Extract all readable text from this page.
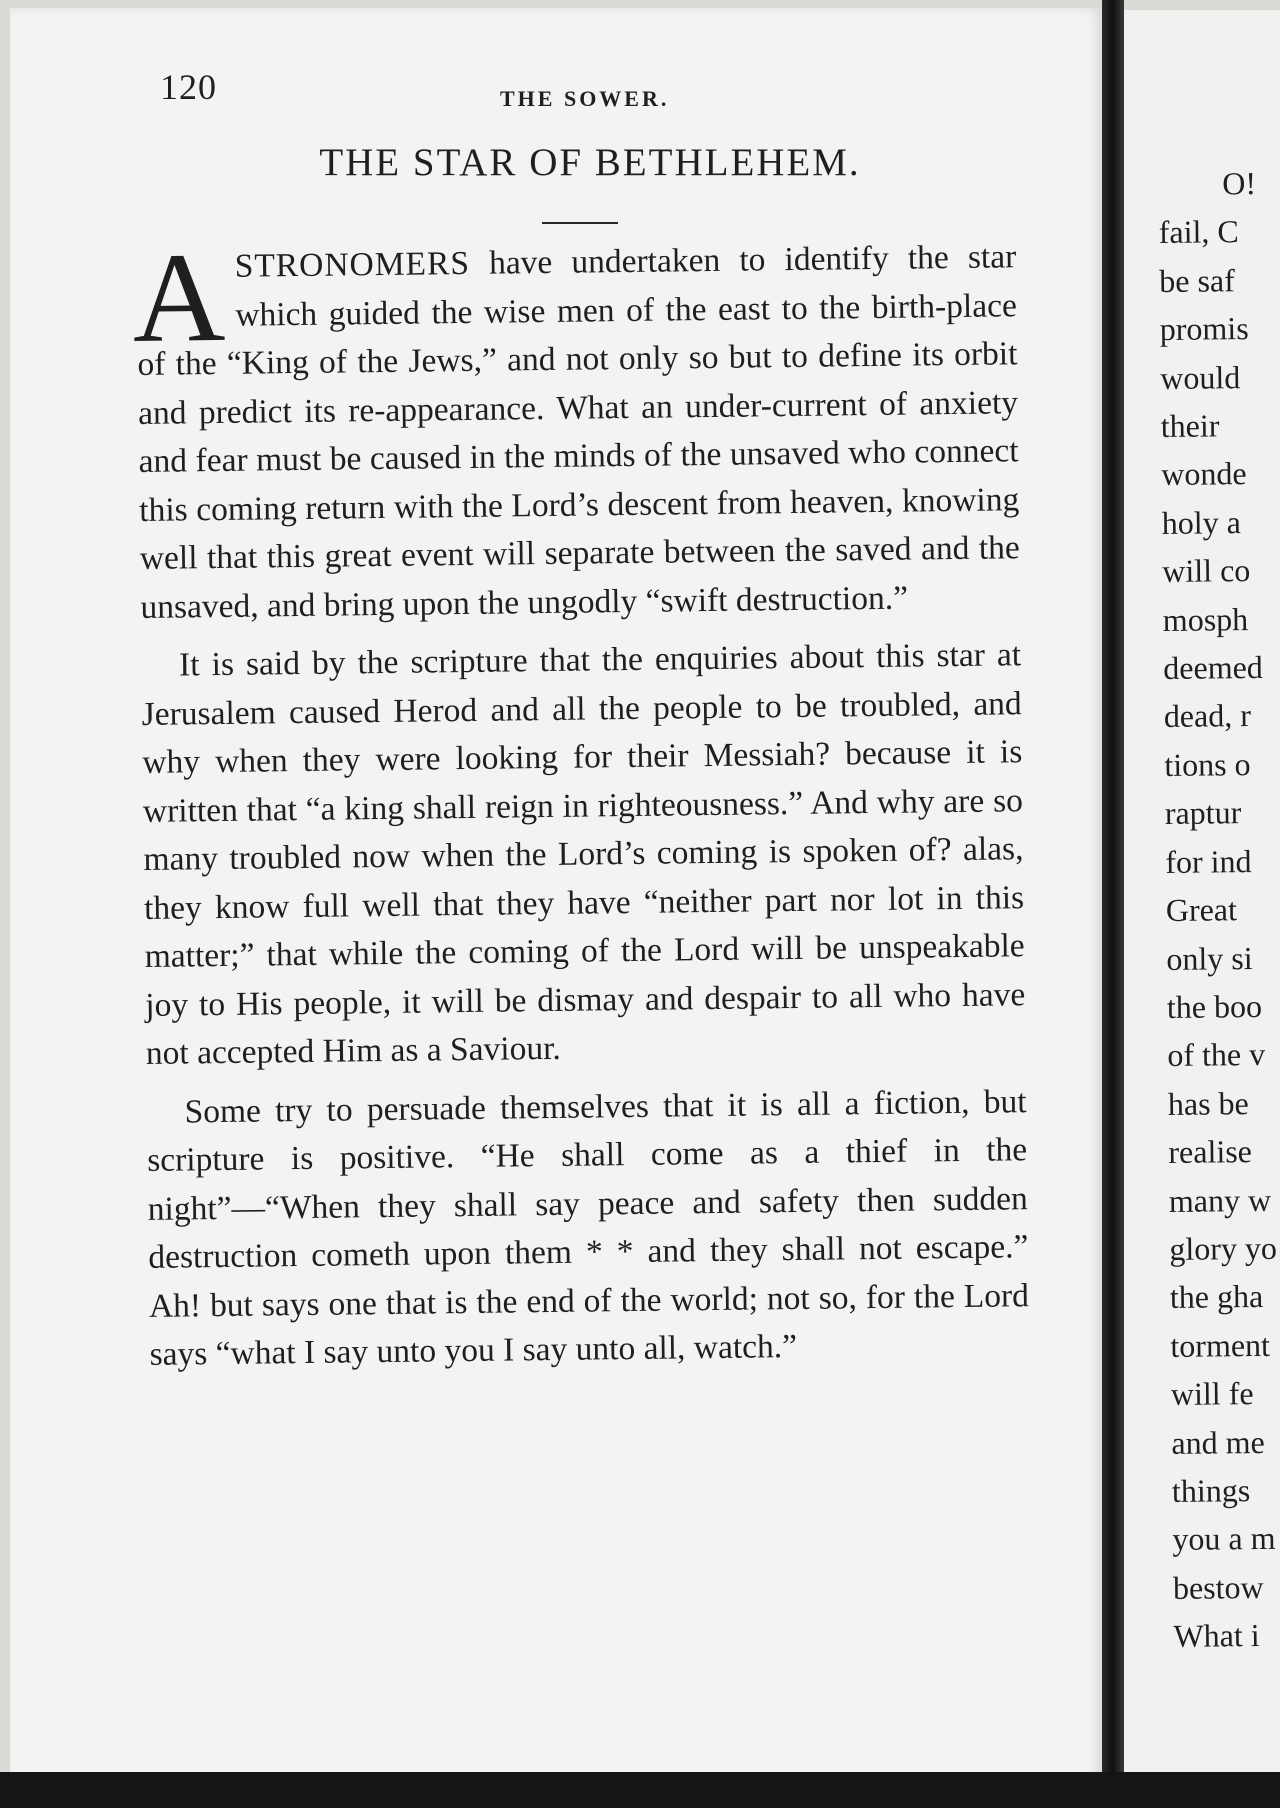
120	THE SOWER.
THE STAR OF BETHLEHEM.

ASTRONOMERS have undertaken to identify the star which guided the wise men of the east to the birth-place of the “King of the Jews,” and not only so but to define its orbit and predict its re-appearance. What an under-current of anxiety and fear must be caused in the minds of the unsaved who connect this coming return with the Lord’s descent from heaven, knowing well that this great event will separate between the saved and the unsaved, and bring upon the ungodly “swift destruction.”

It is said by the scripture that the enquiries about this star at Jerusalem caused Herod and all the people to be troubled, and why when they were looking for their Messiah? because it is written that “a king shall reign in righteousness.” And why are so many troubled now when the Lord’s coming is spoken of? alas, they know full well that they have “neither part nor lot in this matter;” that while the coming of the Lord will be unspeakable joy to His people, it will be dismay and despair to all who have not accepted Him as a Saviour.

Some try to persuade themselves that it is all a fiction, but scripture is positive. “He shall come as a thief in the night”—“When they shall say peace and safety then sudden destruction cometh upon them * * and they shall not escape.” Ah! but says one that is the end of the world; not so, for the Lord says “what I say unto you I say unto all, watch.”

O!
fail, C
be saf
promis
would
their
wonde
holy a
will co
mosph
deemed
dead, r
tions o
raptur
for ind
Great
only si
the boo
of the v
has be
realise
many w
glory yo
the gha
torment
will fe
and me
things
you a m
bestow
What i
